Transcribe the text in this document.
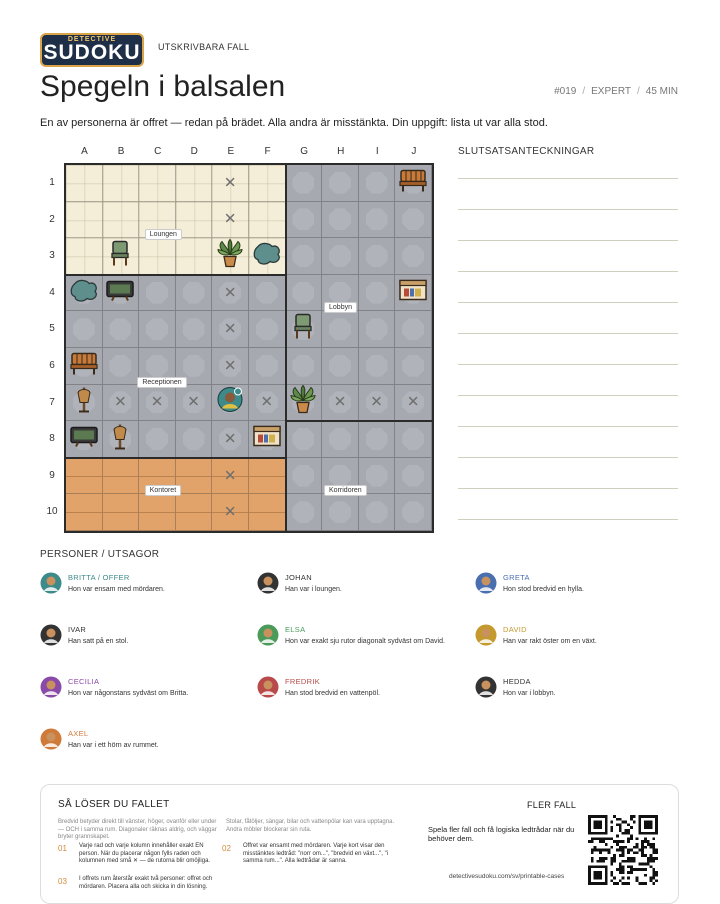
DETECTIVE
SUDOKU UTSKRIVBARA FALL
Spegeln i balsalen	#019 / EXPERT / 45 MIN
En av personerna är offret — redan på brädet. Alla andra är misstänkta. Din uppgift: lista ut var alla stod.
A	B	C	D	E	F	G	H	I	J
1
2
3
4
5
6
7
8
9
10
✕
✕
✕
✕
✕
✕ ✕ ✕	✕	✕ ✕ ✕
✕
✕
✕
Loungen
Lobbyn
Receptionen
Kontoret	Korridoren
SLUTSATSANTECKNINGAR
PERSONER / UTSAGOR
BRITTA / OFFER
Hon var ensam med mördaren.
JOHAN
Han var i loungen.
GRETA
Hon stod bredvid en hylla.
IVAR
Han satt på en stol.
ELSA
Hon var exakt sju rutor diagonalt sydväst om David.
DAVID
Han var rakt öster om en växt.
CECILIA
Hon var någonstans sydväst om Britta.
FREDRIK
Han stod bredvid en vattenpöl.
HEDDA
Hon var i lobbyn.
AXEL
Han var i ett hörn av rummet.
SÅ LÖSER DU FALLET
Bredvid betyder direkt till vänster, höger, ovanför eller under — OCH i samma rum. Diagonaler räknas aldrig, och väggar bryter grannskapet.
Stolar, fåtöljer, sängar, bilar och vattenpölar kan vara upptagna. Andra möbler blockerar sin ruta.
01 Varje rad och varje kolumn innehåller exakt EN person. När du placerar någon fylls raden och kolumnen med små ✕ — de rutorna blir omöjliga.
02 Offret var ensamt med mördaren. Varje kort visar den misstänktes ledtråd: "norr om...", "bredvid en växt...", "i samma rum...". Alla ledtrådar är sanna.
03 I offrets rum återstår exakt två personer: offret och mördaren. Placera alla och skicka in din lösning.
FLER FALL
Spela fler fall och få logiska ledtrådar när du behöver dem.
detectivesudoku.com/sv/printable-cases
